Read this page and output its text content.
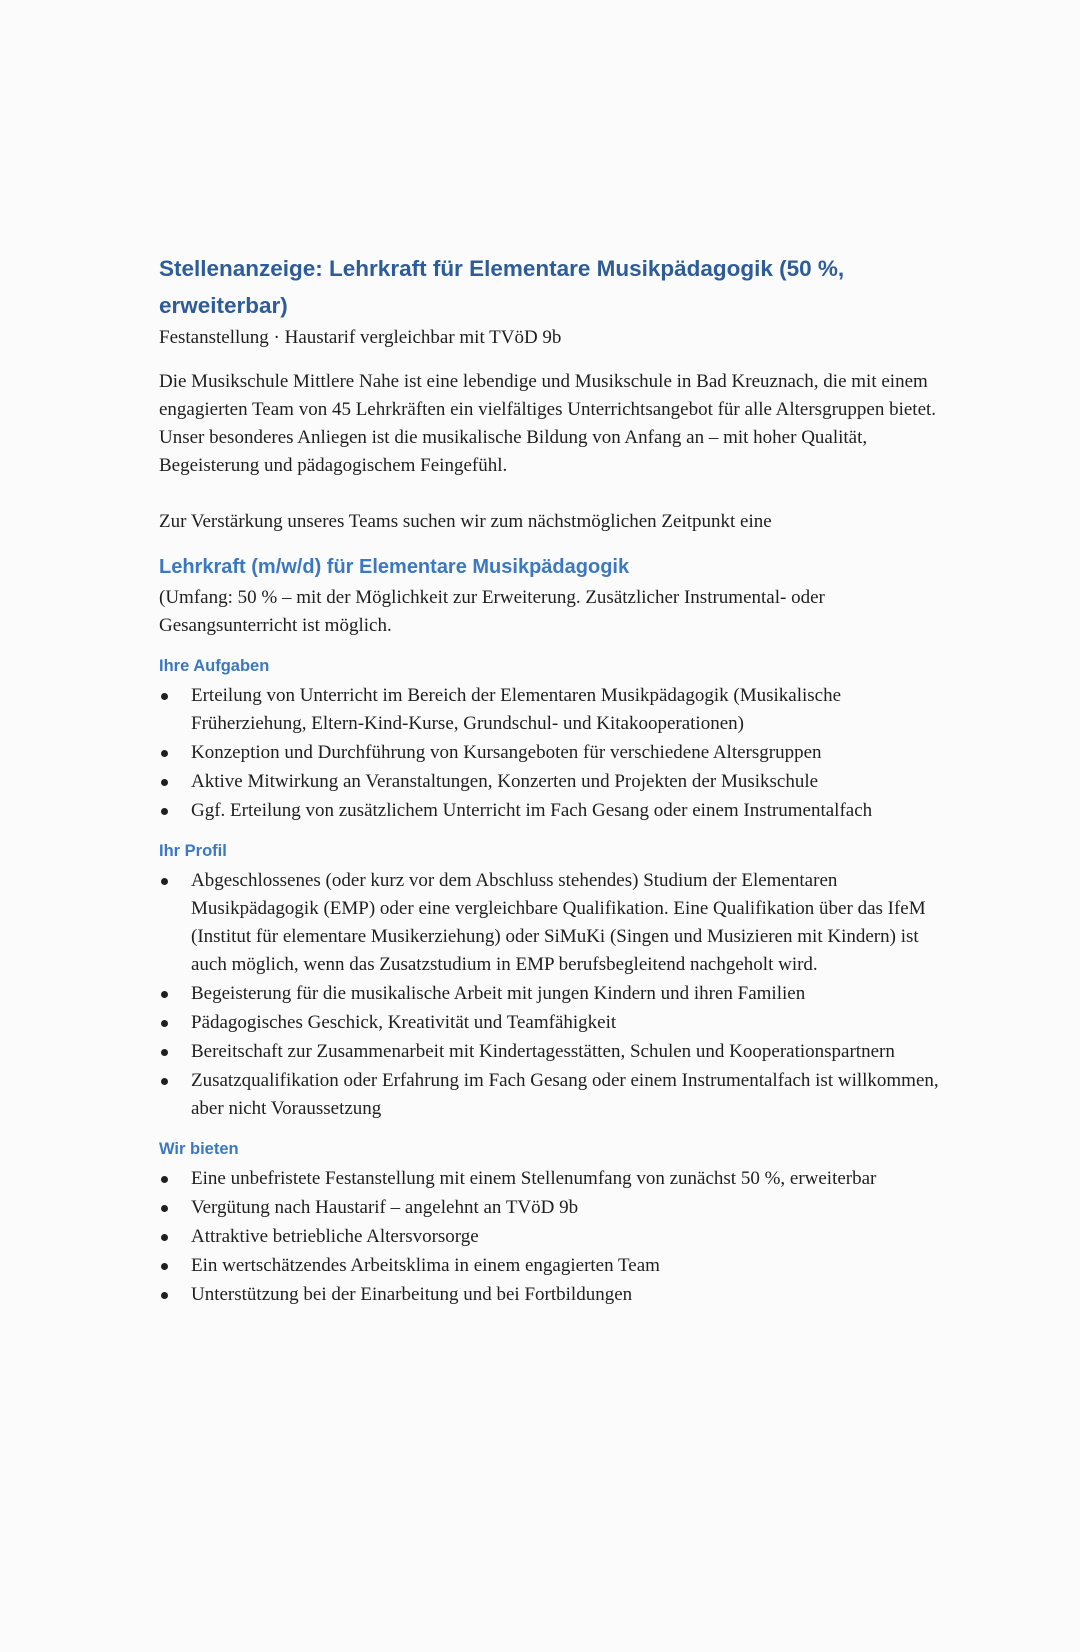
Stellenanzeige: Lehrkraft für Elementare Musikpädagogik (50 %, erweiterbar)

Festanstellung · Haustarif vergleichbar mit TVöD 9b

Die Musikschule Mittlere Nahe ist eine lebendige und Musikschule in Bad Kreuznach, die mit einem engagierten Team von 45 Lehrkräften ein vielfältiges Unterrichtsangebot für alle Altersgruppen bietet. Unser besonderes Anliegen ist die musikalische Bildung von Anfang an – mit hoher Qualität, Begeisterung und pädagogischem Feingefühl.

Zur Verstärkung unseres Teams suchen wir zum nächstmöglichen Zeitpunkt eine

Lehrkraft (m/w/d) für Elementare Musikpädagogik

(Umfang: 50 % – mit der Möglichkeit zur Erweiterung. Zusätzlicher Instrumental- oder Gesangsunterricht ist möglich.

Ihre Aufgaben
Erteilung von Unterricht im Bereich der Elementaren Musikpädagogik (Musikalische Früherziehung, Eltern-Kind-Kurse, Grundschul- und Kitakooperationen)
Konzeption und Durchführung von Kursangeboten für verschiedene Altersgruppen
Aktive Mitwirkung an Veranstaltungen, Konzerten und Projekten der Musikschule
Ggf. Erteilung von zusätzlichem Unterricht im Fach Gesang oder einem Instrumentalfach
Ihr Profil
Abgeschlossenes (oder kurz vor dem Abschluss stehendes) Studium der Elementaren Musikpädagogik (EMP) oder eine vergleichbare Qualifikation. Eine Qualifikation über das IfeM (Institut für elementare Musikerziehung) oder SiMuKi (Singen und Musizieren mit Kindern) ist auch möglich, wenn das Zusatzstudium in EMP berufsbegleitend nachgeholt wird.
Begeisterung für die musikalische Arbeit mit jungen Kindern und ihren Familien
Pädagogisches Geschick, Kreativität und Teamfähigkeit
Bereitschaft zur Zusammenarbeit mit Kindertagesstätten, Schulen und Kooperationspartnern
Zusatzqualifikation oder Erfahrung im Fach Gesang oder einem Instrumentalfach ist willkommen, aber nicht Voraussetzung
Wir bieten
Eine unbefristete Festanstellung mit einem Stellenumfang von zunächst 50 %, erweiterbar
Vergütung nach Haustarif – angelehnt an TVöD 9b
Attraktive betriebliche Altersvorsorge
Ein wertschätzendes Arbeitsklima in einem engagierten Team
Unterstützung bei der Einarbeitung und bei Fortbildungen
